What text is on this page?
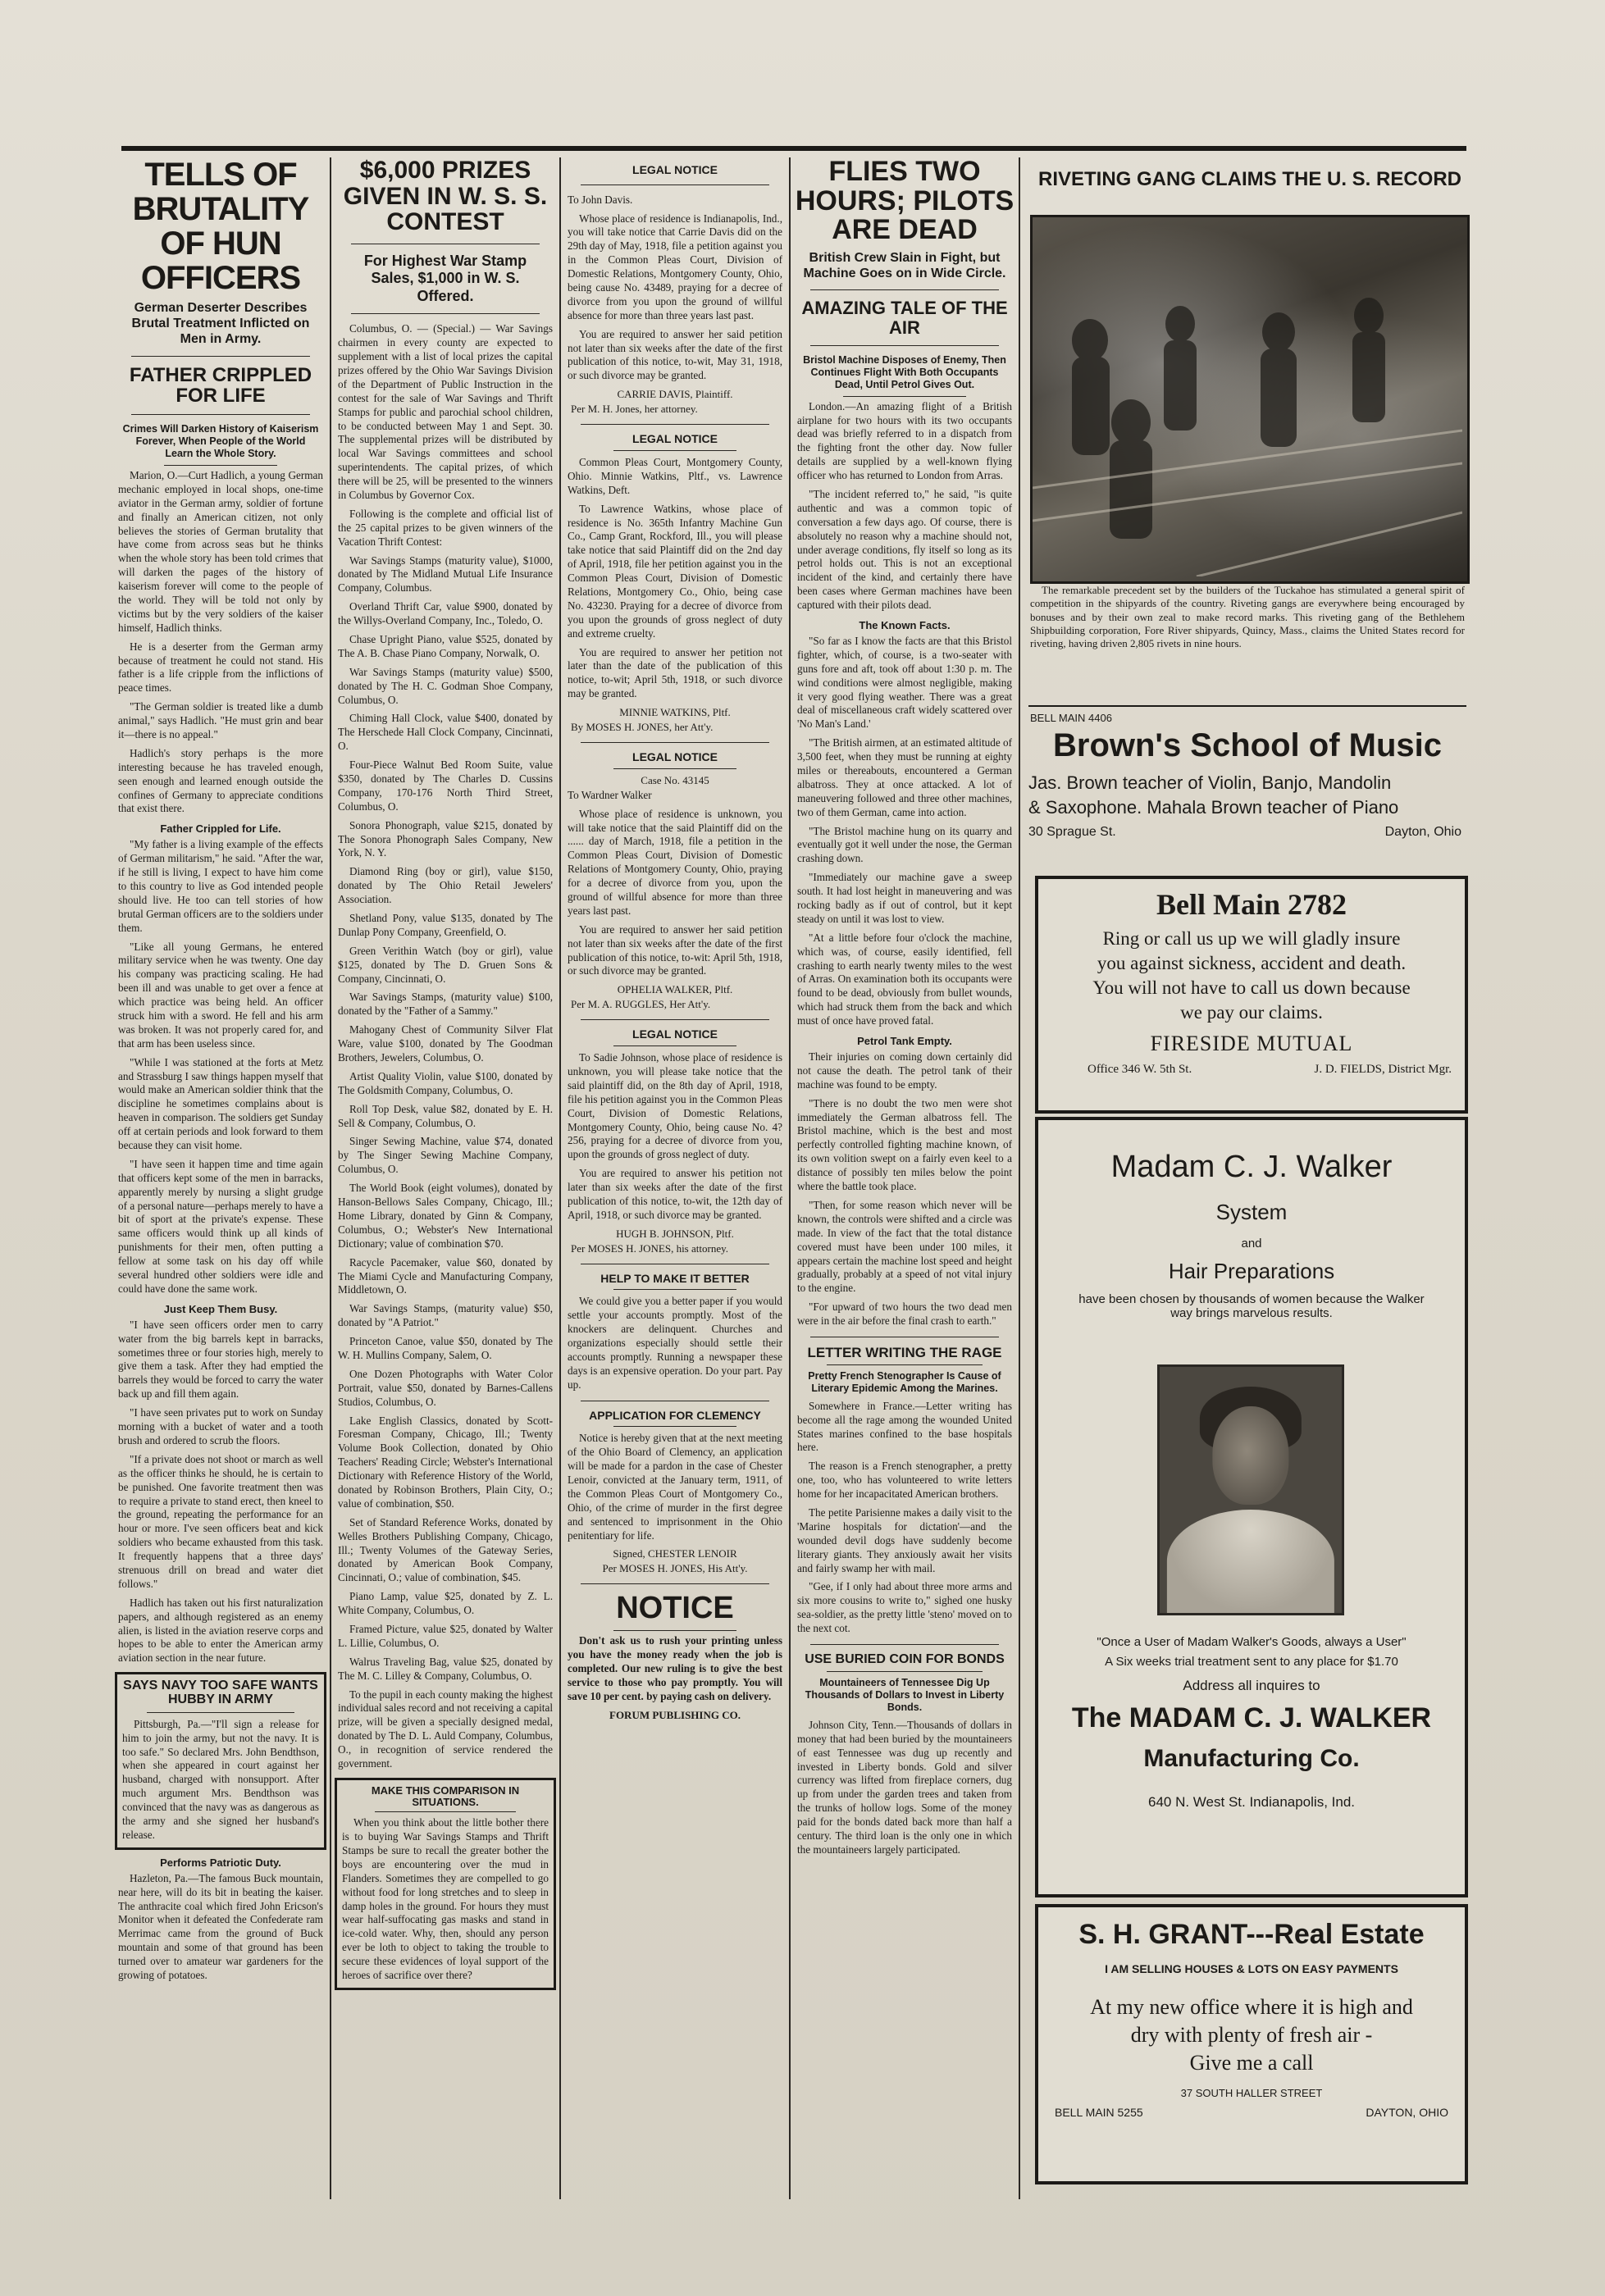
TELLS OF BRUTALITY OF HUN OFFICERS
German Deserter Describes Brutal Treatment Inflicted on Men in Army.
FATHER CRIPPLED FOR LIFE
Crimes Will Darken History of Kaiserism Forever, When People of the World Learn the Whole Story.

Marion, O.—Curt Hadlich, a young German mechanic employed in local shops, one-time aviator in the German army, soldier of fortune and finally an American citizen, not only believes the stories of German brutality that have come from across seas but he thinks when the whole story has been told crimes that will darken the pages of the history of kaiserism forever will come to the people of the world. They will be told not only by victims but by the very soldiers of the kaiser himself, Hadlich thinks.

He is a deserter from the German army because of treatment he could not stand. His father is a life cripple from the inflictions of peace times.

"The German soldier is treated like a dumb animal," says Hadlich. "He must grin and bear it—there is no appeal."

Hadlich's story perhaps is the more interesting because he has traveled enough, seen enough and learned enough outside the confines of Germany to appreciate conditions that exist there.

Father Crippled for Life.

"My father is a living example of the effects of German militarism," he said. "After the war, if he still is living, I expect to have him come to this country to live as God intended people should live. He too can tell stories of how brutal German officers are to the soldiers under them.

"Like all young Germans, he entered military service when he was twenty. One day his company was practicing scaling. He had been ill and was unable to get over a fence at which practice was being held. An officer struck him with a sword. He fell and his arm was broken. It was not properly cared for, and that arm has been useless since.

"While I was stationed at the forts at Metz and Strassburg I saw things happen myself that would make an American soldier think that the discipline he sometimes complains about is heaven in comparison. The soldiers get Sunday off at certain periods and look forward to them because they can visit home.

"I have seen it happen time and time again that officers kept some of the men in barracks, apparently merely by nursing a slight grudge of a personal nature—perhaps merely to have a bit of sport at the private's expense. These same officers would think up all kinds of punishments for their men, often putting a fellow at some task on his day off while several hundred other soldiers were idle and could have done the same work.

Just Keep Them Busy.

"I have seen officers order men to carry water from the big barrels kept in barracks, sometimes three or four stories high, merely to give them a task. After they had emptied the barrels they would be forced to carry the water back up and fill them again.

"I have seen privates put to work on Sunday morning with a bucket of water and a tooth brush and ordered to scrub the floors.

"If a private does not shoot or march as well as the officer thinks he should, he is certain to be punished. One favorite treatment then was to require a private to stand erect, then kneel to the ground, repeating the performance for an hour or more. I've seen officers beat and kick soldiers who became exhausted from this task. It frequently happens that a three days' strenuous drill on bread and water diet follows."

Hadlich has taken out his first naturalization papers, and although registered as an enemy alien, is listed in the aviation reserve corps and hopes to be able to enter the American army aviation section in the near future.

SAYS NAVY TOO SAFE WANTS HUBBY IN ARMY

Pittsburgh, Pa.—"I'll sign a release for him to join the army, but not the navy. It is too safe." So declared Mrs. John Bendthson, when she appeared in court against her husband, charged with nonsupport. After much argument Mrs. Bendthson was convinced that the navy was as dangerous as the army and she signed her husband's release.

Performs Patriotic Duty.

Hazleton, Pa.—The famous Buck mountain, near here, will do its bit in beating the kaiser. The anthracite coal which fired John Ericson's Monitor when it defeated the Confederate ram Merrimac came from the ground of Buck mountain and some of that ground has been turned over to amateur war gardeners for the growing of potatoes.

$6,000 PRIZES GIVEN IN W. S. S. CONTEST
For Highest War Stamp Sales, $1,000 in W. S. Offered.

Columbus, O. — (Special.) — War Savings chairmen in every county are expected to supplement with a list of local prizes the capital prizes offered by the Ohio War Savings Division of the Department of Public Instruction in the contest for the sale of War Savings and Thrift Stamps for public and parochial school children, to be conducted between May 1 and Sept. 30. The supplemental prizes will be distributed by local War Savings committees and school superintendents. The capital prizes, of which there will be 25, will be presented to the winners in Columbus by Governor Cox.

Following is the complete and official list of the 25 capital prizes to be given winners of the Vacation Thrift Contest:

War Savings Stamps (maturity value), $1000, donated by The Midland Mutual Life Insurance Company, Columbus.

Overland Thrift Car, value $900, donated by the Willys-Overland Company, Inc., Toledo, O.

Chase Upright Piano, value $525, donated by The A. B. Chase Piano Company, Norwalk, O.

War Savings Stamps (maturity value) $500, donated by The H. C. Godman Shoe Company, Columbus, O.

Chiming Hall Clock, value $400, donated by The Herschede Hall Clock Company, Cincinnati, O.

Four-Piece Walnut Bed Room Suite, value $350, donated by The Charles D. Cussins Company, 170-176 North Third Street, Columbus, O.

Sonora Phonograph, value $215, donated by The Sonora Phonograph Sales Company, New York, N. Y.

Diamond Ring (boy or girl), value $150, donated by The Ohio Retail Jewelers' Association.

Shetland Pony, value $135, donated by The Dunlap Pony Company, Greenfield, O.

Green Verithin Watch (boy or girl), value $125, donated by The D. Gruen Sons & Company, Cincinnati, O.

War Savings Stamps, (maturity value) $100, donated by the "Father of a Sammy."

Mahogany Chest of Community Silver Flat Ware, value $100, donated by The Goodman Brothers, Jewelers, Columbus, O.

Artist Quality Violin, value $100, donated by The Goldsmith Company, Columbus, O.

Roll Top Desk, value $82, donated by E. H. Sell & Company, Columbus, O.

Singer Sewing Machine, value $74, donated by The Singer Sewing Machine Company, Columbus, O.

The World Book (eight volumes), donated by Hanson-Bellows Sales Company, Chicago, Ill.; Home Library, donated by Ginn & Company, Columbus, O.; Webster's New International Dictionary; value of combination $70.

Racycle Pacemaker, value $60, donated by The Miami Cycle and Manufacturing Company, Middletown, O.

War Savings Stamps, (maturity value) $50, donated by "A Patriot."

Princeton Canoe, value $50, donated by The W. H. Mullins Company, Salem, O.

One Dozen Photographs with Water Color Portrait, value $50, donated by Barnes-Callens Studios, Columbus, O.

Lake English Classics, donated by Scott-Foresman Company, Chicago, Ill.; Twenty Volume Book Collection, donated by Ohio Teachers' Reading Circle; Webster's International Dictionary with Reference History of the World, donated by Robinson Brothers, Plain City, O.; value of combination, $50.

Set of Standard Reference Works, donated by Welles Brothers Publishing Company, Chicago, Ill.; Twenty Volumes of the Gateway Series, donated by American Book Company, Cincinnati, O.; value of combination, $45.

Piano Lamp, value $25, donated by Z. L. White Company, Columbus, O.

Framed Picture, value $25, donated by Walter L. Lillie, Columbus, O.

Walrus Traveling Bag, value $25, donated by The M. C. Lilley & Company, Columbus, O.

To the pupil in each county making the highest individual sales record and not receiving a capital prize, will be given a specially designed medal, donated by The D. L. Auld Company, Columbus, O., in recognition of service rendered the government.

MAKE THIS COMPARISON IN SITUATIONS.

When you think about the little bother there is to buying War Savings Stamps and Thrift Stamps be sure to recall the greater bother the boys are encountering over the mud in Flanders. Sometimes they are compelled to go without food for long stretches and to sleep in damp holes in the ground. For hours they must wear half-suffocating gas masks and stand in ice-cold water. Why, then, should any person ever be loth to object to taking the trouble to secure these evidences of loyal support of the heroes of sacrifice over there?

LEGAL NOTICE

To John Davis.

Whose place of residence is Indianapolis, Ind., you will take notice that Carrie Davis did on the 29th day of May, 1918, file a petition against you in the Common Pleas Court, Division of Domestic Relations, Montgomery County, Ohio, being cause No. 43489, praying for a decree of divorce from you upon the ground of willful absence for more than three years last past.

You are required to answer her said petition not later than six weeks after the date of the first publication of this notice, to-wit, May 31, 1918, or such divorce may be granted.

CARRIE DAVIS, Plaintiff.
Per M. H. Jones, her attorney.
LEGAL NOTICE

Common Pleas Court, Montgomery County, Ohio. Minnie Watkins, Pltf., vs. Lawrence Watkins, Deft.

To Lawrence Watkins, whose place of residence is No. 365th Infantry Machine Gun Co., Camp Grant, Rockford, Ill., you will please take notice that said Plaintiff did on the 2nd day of April, 1918, file her petition against you in the Common Pleas Court, Division of Domestic Relations, Montgomery Co., Ohio, being case No. 43230. Praying for a decree of divorce from you upon the grounds of gross neglect of duty and extreme cruelty.

You are required to answer her petition not later than the date of the publication of this notice, to-wit; April 5th, 1918, or such divorce may be granted.

MINNIE WATKINS, Pltf.
By MOSES H. JONES, her Att'y.
LEGAL NOTICE
Case No. 43145

To Wardner Walker

Whose place of residence is unknown, you will take notice that the said Plaintiff did on the ...... day of March, 1918, file a petition in the Common Pleas Court, Division of Domestic Relations of Montgomery County, Ohio, praying for a decree of divorce from you, upon the ground of willful absence for more than three years last past.

You are required to answer her said petition not later than six weeks after the date of the first publication of this notice, to-wit: April 5th, 1918, or such divorce may be granted.

OPHELIA WALKER, Pltf.
Per M. A. RUGGLES, Her Att'y.
LEGAL NOTICE

To Sadie Johnson, whose place of residence is unknown, you will please take notice that the said plaintiff did, on the 8th day of April, 1918, file his petition against you in the Common Pleas Court, Division of Domestic Relations, Montgomery County, Ohio, being cause No. 4?256, praying for a decree of divorce from you, upon the grounds of gross neglect of duty.

You are required to answer his petition not later than six weeks after the date of the first publication of this notice, to-wit, the 12th day of April, 1918, or such divorce may be granted.

HUGH B. JOHNSON, Pltf.
Per MOSES H. JONES, his attorney.
HELP TO MAKE IT BETTER

We could give you a better paper if you would settle your accounts promptly. Most of the knockers are delinquent. Churches and organizations especially should settle their accounts promptly. Running a newspaper these days is an expensive operation. Do your part. Pay up.

APPLICATION FOR CLEMENCY

Notice is hereby given that at the next meeting of the Ohio Board of Clemency, an application will be made for a pardon in the case of Chester Lenoir, convicted at the January term, 1911, of the Common Pleas Court of Montgomery Co., Ohio, of the crime of murder in the first degree and sentenced to imprisonment in the Ohio penitentiary for life.

Signed, CHESTER LENOIR
Per MOSES H. JONES, His Att'y.
NOTICE

Don't ask us to rush your printing unless you have the money ready when the job is completed. Our new ruling is to give the best service to those who pay promptly. You will save 10 per cent. by paying cash on delivery.

FORUM PUBLISHING CO.
FLIES TWO HOURS; PILOTS ARE DEAD
British Crew Slain in Fight, but Machine Goes on in Wide Circle.
AMAZING TALE OF THE AIR
Bristol Machine Disposes of Enemy, Then Continues Flight With Both Occupants Dead, Until Petrol Gives Out.

London.—An amazing flight of a British airplane for two hours with its two occupants dead was briefly referred to in a dispatch from the fighting front the other day. Now fuller details are supplied by a well-known flying officer who has returned to London from Arras.

"The incident referred to," he said, "is quite authentic and was a common topic of conversation a few days ago. Of course, there is absolutely no reason why a machine should not, under average conditions, fly itself so long as its petrol holds out. This is not an exceptional incident of the kind, and certainly there have been cases where German machines have been captured with their pilots dead.

The Known Facts.

"So far as I know the facts are that this Bristol fighter, which, of course, is a two-seater with guns fore and aft, took off about 1:30 p. m. The wind conditions were almost negligible, making it very good flying weather. There was a great deal of miscellaneous craft widely scattered over 'No Man's Land.'

"The British airmen, at an estimated altitude of 3,500 feet, when they must be running at eighty miles or thereabouts, encountered a German albatross. They at once attacked. A lot of maneuvering followed and three other machines, two of them German, came into action.

"The Bristol machine hung on its quarry and eventually got it well under the nose, the German crashing down.

"Immediately our machine gave a sweep south. It had lost height in maneuvering and was rocking badly as if out of control, but it kept steady on until it was lost to view.

"At a little before four o'clock the machine, which was, of course, easily identified, fell crashing to earth nearly twenty miles to the west of Arras. On examination both its occupants were found to be dead, obviously from bullet wounds, which had struck them from the back and which must of once have proved fatal.

Petrol Tank Empty.

Their injuries on coming down certainly did not cause the death. The petrol tank of their machine was found to be empty.

"There is no doubt the two men were shot immediately the German albatross fell. The Bristol machine, which is the best and most perfectly controlled fighting machine known, of its own volition swept on a fairly even keel to a distance of possibly ten miles below the point where the battle took place.

"Then, for some reason which never will be known, the controls were shifted and a circle was made. In view of the fact that the total distance covered must have been under 100 miles, it appears certain the machine lost speed and height gradually, probably at a speed of not vital injury to the engine.

"For upward of two hours the two dead men were in the air before the final crash to earth."

LETTER WRITING THE RAGE
Pretty French Stenographer Is Cause of Literary Epidemic Among the Marines.

Somewhere in France.—Letter writing has become all the rage among the wounded United States marines confined to the base hospitals here.

The reason is a French stenographer, a pretty one, too, who has volunteered to write letters home for her incapacitated American brothers.

The petite Parisienne makes a daily visit to the 'Marine hospitals for dictation'—and the wounded devil dogs have suddenly become literary giants. They anxiously await her visits and fairly swamp her with mail.

"Gee, if I only had about three more arms and six more cousins to write to," sighed one husky sea-soldier, as the pretty little 'steno' moved on to the next cot.

USE BURIED COIN FOR BONDS
Mountaineers of Tennessee Dig Up Thousands of Dollars to Invest in Liberty Bonds.

Johnson City, Tenn.—Thousands of dollars in money that had been buried by the mountaineers of east Tennessee was dug up recently and invested in Liberty bonds. Gold and silver currency was lifted from fireplace corners, dug up from under the garden trees and taken from the trunks of hollow logs. Some of the money paid for the bonds dated back more than half a century. The third loan is the only one in which the mountaineers largely participated.

RIVETING GANG CLAIMS THE U. S. RECORD

The remarkable precedent set by the builders of the Tuckahoe has stimulated a general spirit of competition in the shipyards of the country. Riveting gangs are everywhere being encouraged by bonuses and by their own zeal to make record marks. This riveting gang of the Bethlehem Shipbuilding corporation, Fore River shipyards, Quincy, Mass., claims the United States record for riveting, having driven 2,805 rivets in nine hours.

BELL MAIN 4406
Brown's School of Music
Jas. Brown teacher of Violin, Banjo, Mandolin
& Saxophone. Mahala Brown teacher of Piano
30 Sprague St.	Dayton, Ohio
Bell Main 2782
Ring or call us up we will gladly insure
you against sickness, accident and death.
You will not have to call us down because
we pay our claims.
FIRESIDE MUTUAL
Office 346 W. 5th St.	J. D. FIELDS, District Mgr.
Madam C. J. Walker
System
and
Hair Preparations
have been chosen by thousands of women because the Walker way brings marvelous results.
"Once a User of Madam Walker's Goods, always a User"
A Six weeks trial treatment sent to any place for $1.70
Address all inquires to
The MADAM C. J. WALKER
Manufacturing Co.
640 N. West St. Indianapolis, Ind.
S. H. GRANT---Real Estate
I AM SELLING HOUSES & LOTS ON EASY PAYMENTS
At my new office where it is high and
dry with plenty of fresh air -
Give me a call
37 SOUTH HALLER STREET
BELL MAIN 5255	DAYTON, OHIO
